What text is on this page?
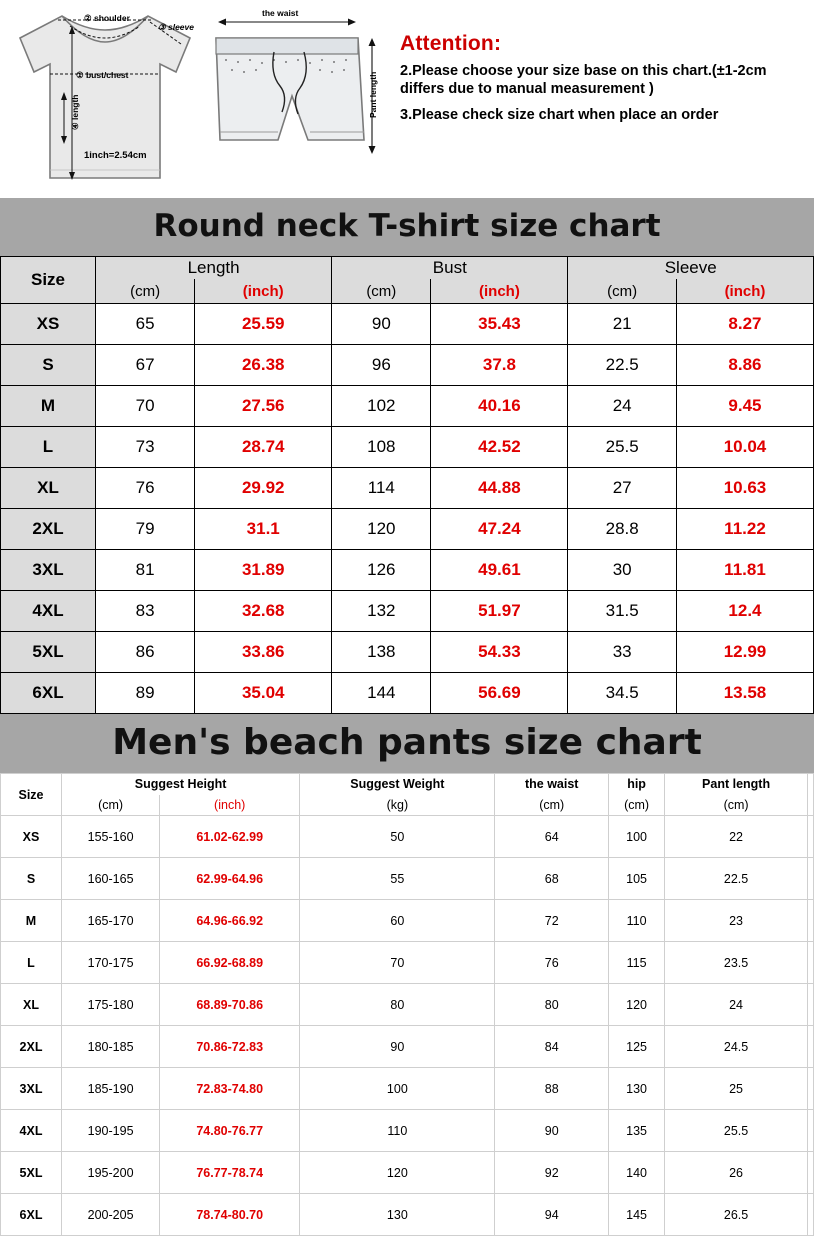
② shoulder
③ sleeve
① bust/chest
④ length
1inch=2.54cm
the waist
Pant length
Attention:

2.Please choose your size base on this chart.(±1-2cm differs due to manual measurement )

3.Please check size chart when place an order

Round neck T-shirt size chart
Size	Length		Bust		Sleeve	
	(cm)	(inch)	(cm)	(inch)	(cm)	(inch)
XS	65	25.59	90	35.43	21	8.27
S	67	26.38	96	37.8	22.5	8.86
M	70	27.56	102	40.16	24	9.45
L	73	28.74	108	42.52	25.5	10.04
XL	76	29.92	114	44.88	27	10.63
2XL	79	31.1	120	47.24	28.8	11.22
3XL	81	31.89	126	49.61	30	11.81
4XL	83	32.68	132	51.97	31.5	12.4
5XL	86	33.86	138	54.33	33	12.99
6XL	89	35.04	144	56.69	34.5	13.58
Men's beach pants size chart
Size	Suggest Height		Suggest Weight	the waist	hip	Pant length	
	(cm)	(inch)	(kg)	(cm)	(cm)	(cm)	
XS	155-160	61.02-62.99	50	64	100	22	
S	160-165	62.99-64.96	55	68	105	22.5	
M	165-170	64.96-66.92	60	72	110	23	
L	170-175	66.92-68.89	70	76	115	23.5	
XL	175-180	68.89-70.86	80	80	120	24	
2XL	180-185	70.86-72.83	90	84	125	24.5	
3XL	185-190	72.83-74.80	100	88	130	25	
4XL	190-195	74.80-76.77	110	90	135	25.5	
5XL	195-200	76.77-78.74	120	92	140	26	
6XL	200-205	78.74-80.70	130	94	145	26.5	
